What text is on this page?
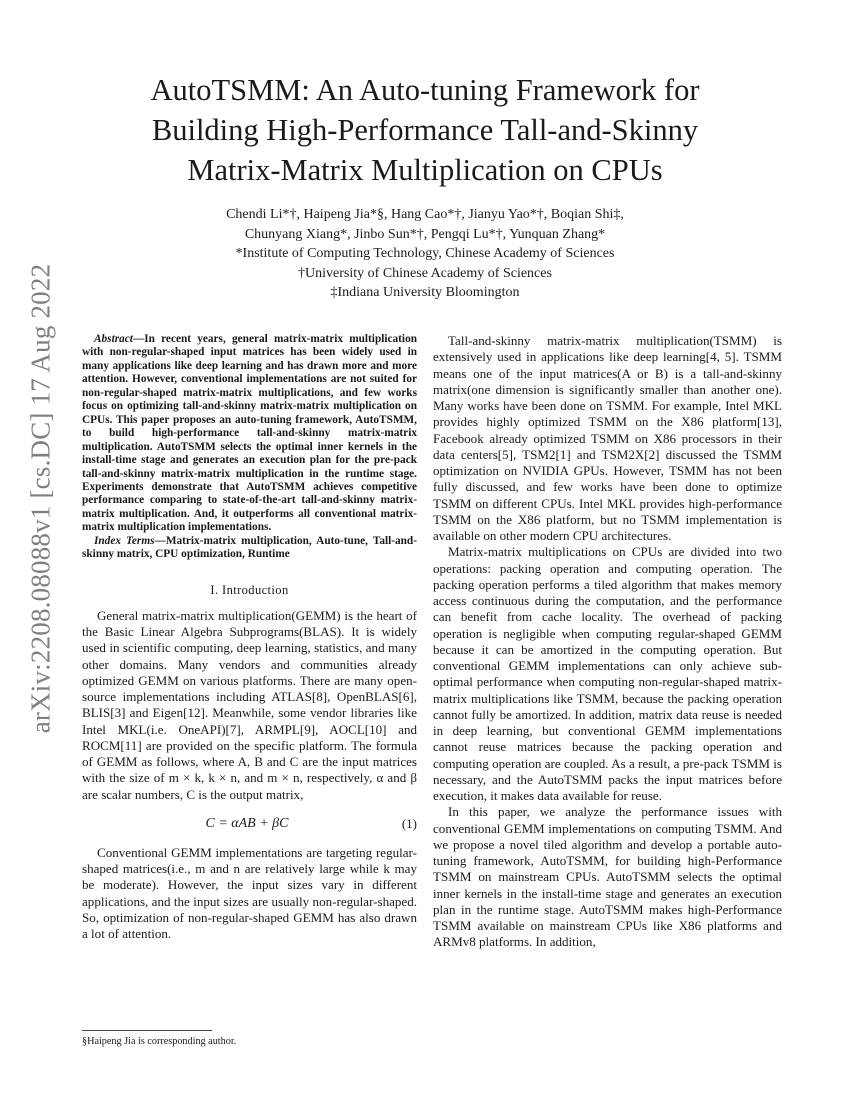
arXiv:2208.08088v1 [cs.DC] 17 Aug 2022
AutoTSMM: An Auto-tuning Framework for
Building High-Performance Tall-and-Skinny
Matrix-Matrix Multiplication on CPUs
Chendi Li*†, Haipeng Jia*§, Hang Cao*†, Jianyu Yao*†, Boqian Shi‡,
Chunyang Xiang*, Jinbo Sun*†, Pengqi Lu*†, Yunquan Zhang*
*Institute of Computing Technology, Chinese Academy of Sciences
†University of Chinese Academy of Sciences
‡Indiana University Bloomington

Abstract—In recent years, general matrix-matrix multiplication with non-regular-shaped input matrices has been widely used in many applications like deep learning and has drawn more and more attention. However, conventional implementations are not suited for non-regular-shaped matrix-matrix multiplications, and few works focus on optimizing tall-and-skinny matrix-matrix multiplication on CPUs. This paper proposes an auto-tuning framework, AutoTSMM, to build high-performance tall-and-skinny matrix-matrix multiplication. AutoTSMM selects the optimal inner kernels in the install-time stage and generates an execution plan for the pre-pack tall-and-skinny matrix-matrix multiplication in the runtime stage. Experiments demonstrate that AutoTSMM achieves competitive performance comparing to state-of-the-art tall-and-skinny matrix-matrix multiplication. And, it outperforms all conventional matrix-matrix multiplication implementations.

Index Terms—Matrix-matrix multiplication, Auto-tune, Tall-and-skinny matrix, CPU optimization, Runtime

I. Introduction

General matrix-matrix multiplication(GEMM) is the heart of the Basic Linear Algebra Subprograms(BLAS). It is widely used in scientific computing, deep learning, statistics, and many other domains. Many vendors and communities already optimized GEMM on various platforms. There are many open-source implementations including ATLAS[8], OpenBLAS[6], BLIS[3] and Eigen[12]. Meanwhile, some vendor libraries like Intel MKL(i.e. OneAPI)[7], ARMPL[9], AOCL[10] and ROCM[11] are provided on the specific platform. The formula of GEMM as follows, where A, B and C are the input matrices with the size of m × k, k × n, and m × n, respectively, α and β are scalar numbers, C is the output matrix,

C = αAB + βC	(1)

Conventional GEMM implementations are targeting regular-shaped matrices(i.e., m and n are relatively large while k may be moderate). However, the input sizes vary in different applications, and the input sizes are usually non-regular-shaped. So, optimization of non-regular-shaped GEMM has also drawn a lot of attention.

§Haipeng Jia is corresponding author.

Tall-and-skinny matrix-matrix multiplication(TSMM) is extensively used in applications like deep learning[4, 5]. TSMM means one of the input matrices(A or B) is a tall-and-skinny matrix(one dimension is significantly smaller than another one). Many works have been done on TSMM. For example, Intel MKL provides highly optimized TSMM on the X86 platform[13], Facebook already optimized TSMM on X86 processors in their data centers[5], TSM2[1] and TSM2X[2] discussed the TSMM optimization on NVIDIA GPUs. However, TSMM has not been fully discussed, and few works have been done to optimize TSMM on different CPUs. Intel MKL provides high-performance TSMM on the X86 platform, but no TSMM implementation is available on other modern CPU architectures.

Matrix-matrix multiplications on CPUs are divided into two operations: packing operation and computing operation. The packing operation performs a tiled algorithm that makes memory access continuous during the computation, and the performance can benefit from cache locality. The overhead of packing operation is negligible when computing regular-shaped GEMM because it can be amortized in the computing operation. But conventional GEMM implementations can only achieve sub-optimal performance when computing non-regular-shaped matrix-matrix multiplications like TSMM, because the packing operation cannot fully be amortized. In addition, matrix data reuse is needed in deep learning, but conventional GEMM implementations cannot reuse matrices because the packing operation and computing operation are coupled. As a result, a pre-pack TSMM is necessary, and the AutoTSMM packs the input matrices before execution, it makes data available for reuse.

In this paper, we analyze the performance issues with conventional GEMM implementations on computing TSMM. And we propose a novel tiled algorithm and develop a portable auto-tuning framework, AutoTSMM, for building high-Performance TSMM on mainstream CPUs. AutoTSMM selects the optimal inner kernels in the install-time stage and generates an execution plan in the runtime stage. AutoTSMM makes high-Performance TSMM available on mainstream CPUs like X86 platforms and ARMv8 platforms. In addition,
